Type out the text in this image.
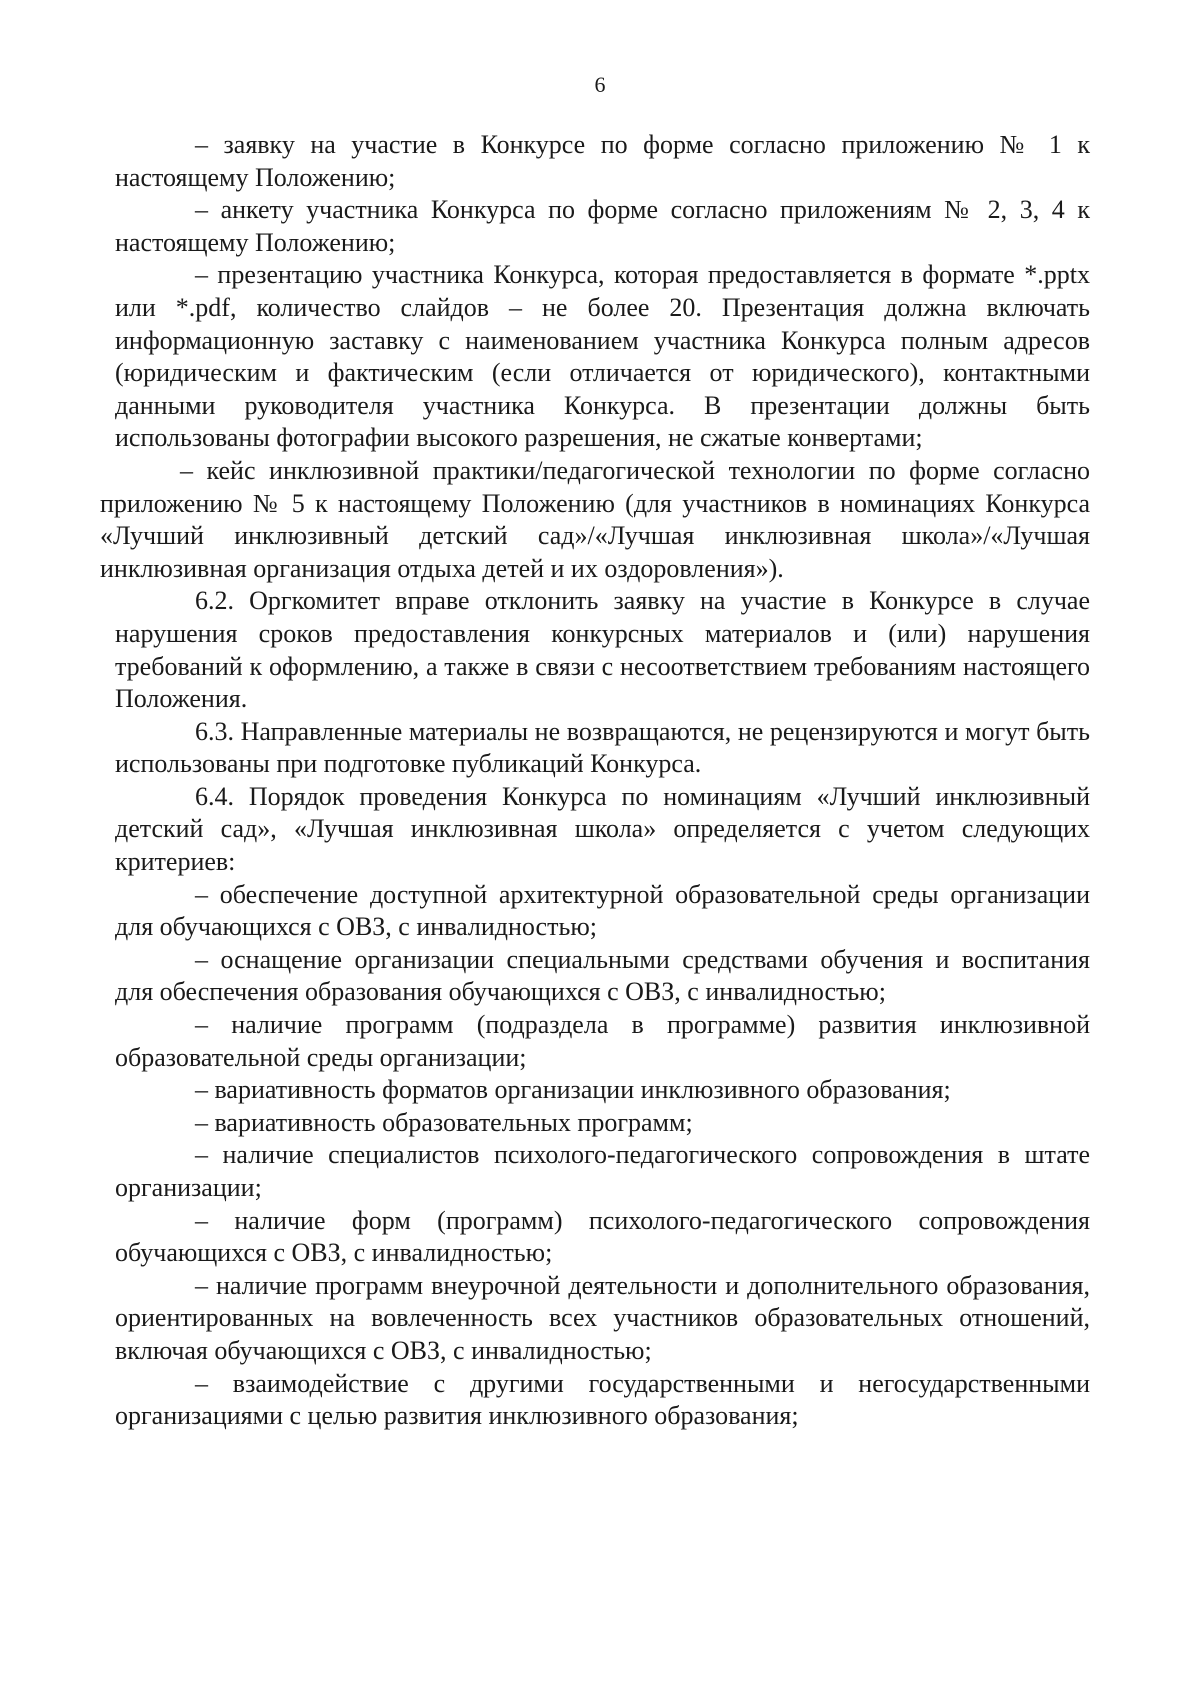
6

– заявку на участие в Конкурсе по форме согласно приложению № 1 к настоящему Положению;

– анкету участника Конкурса по форме согласно приложениям № 2, 3, 4 к настоящему Положению;

– презентацию участника Конкурса, которая предоставляется в формате *.pptx или *.pdf, количество слайдов – не более 20. Презентация должна включать информационную заставку с наименованием участника Конкурса полным адресов (юридическим и фактическим (если отличается от юридического), контактными данными руководителя участника Конкурса. В презентации должны быть использованы фотографии высокого разрешения, не сжатые конвертами;

– кейс инклюзивной практики/педагогической технологии по форме согласно приложению № 5 к настоящему Положению (для участников в номинациях Конкурса «Лучший инклюзивный детский сад»/«Лучшая инклюзивная школа»/«Лучшая инклюзивная организация отдыха детей и их оздоровления»).

6.2. Оргкомитет вправе отклонить заявку на участие в Конкурсе в случае нарушения сроков предоставления конкурсных материалов и (или) нарушения требований к оформлению, а также в связи с несоответствием требованиям настоящего Положения.

6.3. Направленные материалы не возвращаются, не рецензируются и могут быть использованы при подготовке публикаций Конкурса.

6.4. Порядок проведения Конкурса по номинациям «Лучший инклюзивный детский сад», «Лучшая инклюзивная школа» определяется с учетом следующих критериев:

– обеспечение доступной архитектурной образовательной среды организации для обучающихся с ОВЗ, с инвалидностью;

– оснащение организации специальными средствами обучения и воспитания для обеспечения образования обучающихся с ОВЗ, с инвалидностью;

– наличие программ (подраздела в программе) развития инклюзивной образовательной среды организации;

– вариативность форматов организации инклюзивного образования;

– вариативность образовательных программ;

– наличие специалистов психолого-педагогического сопровождения в штате организации;

– наличие форм (программ) психолого-педагогического сопровождения обучающихся с ОВЗ, с инвалидностью;

– наличие программ внеурочной деятельности и дополнительного образования, ориентированных на вовлеченность всех участников образовательных отношений, включая обучающихся с ОВЗ, с инвалидностью;

– взаимодействие с другими государственными и негосударственными организациями с целью развития инклюзивного образования;
